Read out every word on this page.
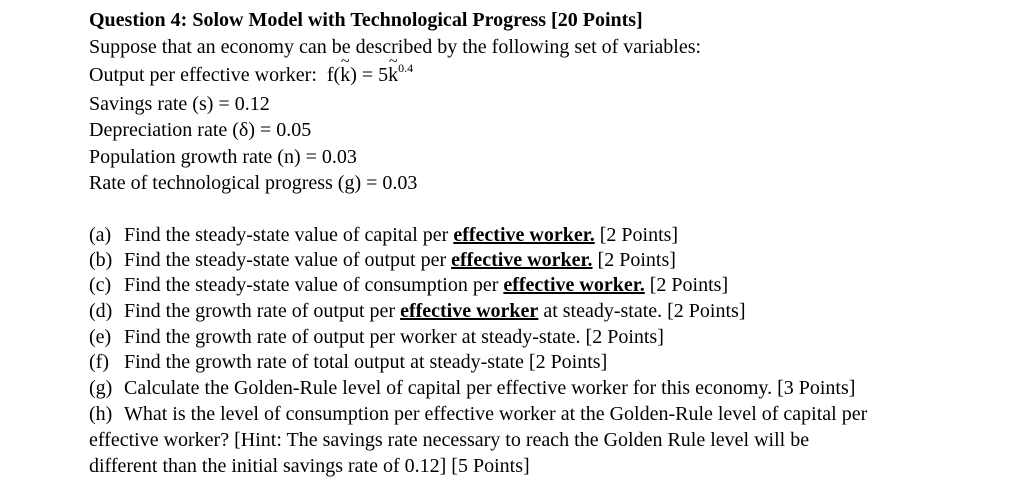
Question 4: Solow Model with Technological Progress [20 Points]
Suppose that an economy can be described by the following set of variables:
Output per effective worker: f(~ k) = 5~ $k^{0.4}$
Savings rate (s) = 0.12
Depreciation rate (δ) = 0.05
Population growth rate (n) = 0.03
Rate of technological progress (g) = 0.03
(a) Find the steady-state value of capital per effective worker. [2 Points]
(b) Find the steady-state value of output per effective worker. [2 Points]
(c) Find the steady-state value of consumption per effective worker. [2 Points]
(d) Find the growth rate of output per effective worker at steady-state. [2 Points]
(e) Find the growth rate of output per worker at steady-state. [2 Points]
(f) Find the growth rate of total output at steady-state [2 Points]
(g) Calculate the Golden-Rule level of capital per effective worker for this economy. [3 Points]
(h) What is the level of consumption per effective worker at the Golden-Rule level of capital per
effective worker? [Hint: The savings rate necessary to reach the Golden Rule level will be
different than the initial savings rate of 0.12] [5 Points]
